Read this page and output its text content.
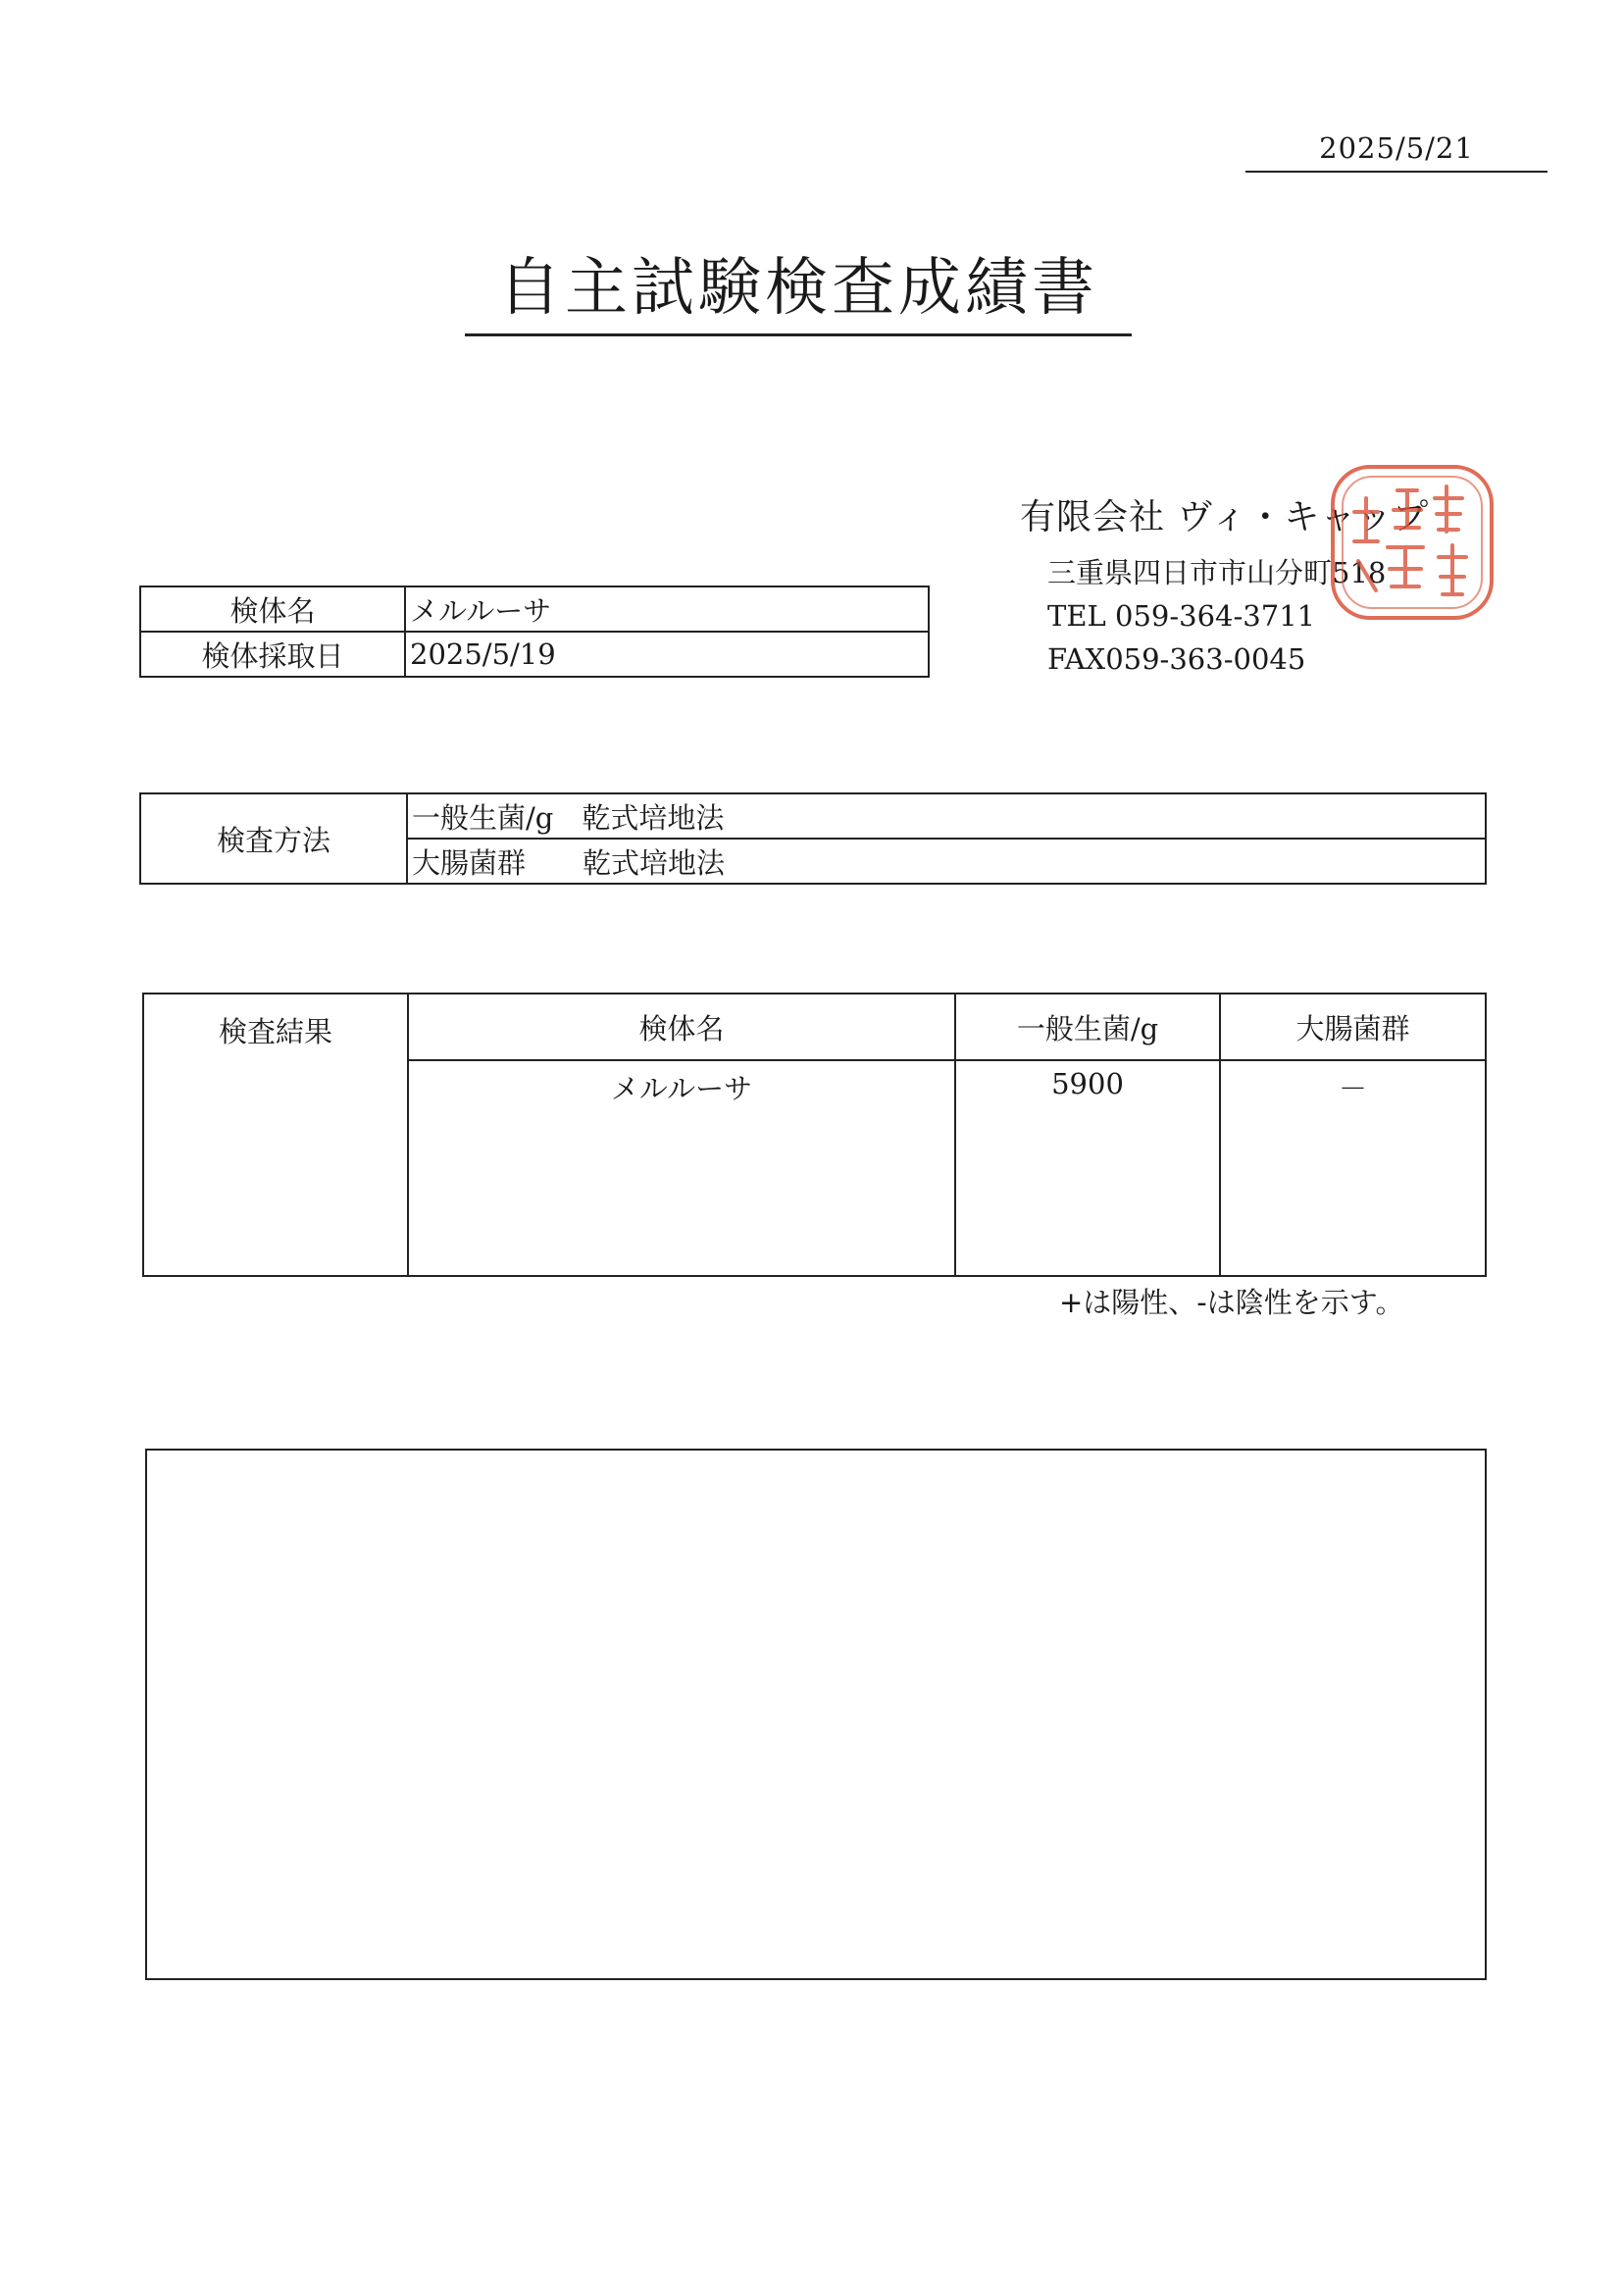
2025/5/21
自主試験検査成績書
有限会社 ヴィ・キャップ
三重県四日市市山分町518
TEL 059-364-3711
FAX059-363-0045
検体名	メルルーサ
検体採取日	2025/5/19
検査方法	一般生菌/g　乾式培地法
大腸菌群　　乾式培地法
検査結果	検体名	一般生菌/g	大腸菌群
	メルルーサ	5900	－
+は陽性、-は陰性を示す。
